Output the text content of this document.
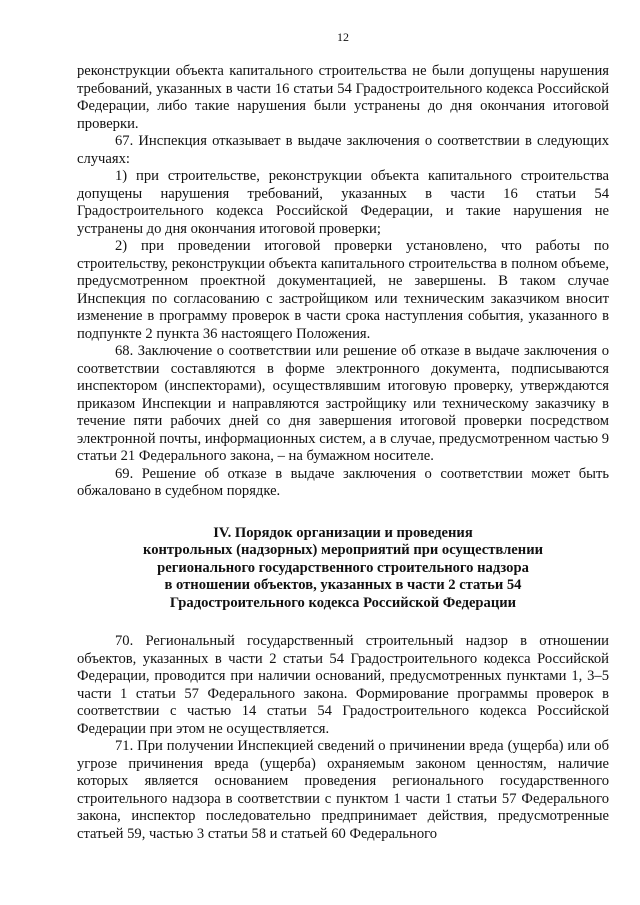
12

реконструкции объекта капитального строительства не были допущены нарушения требований, указанных в части 16 статьи 54 Градостроительного кодекса Российской Федерации, либо такие нарушения были устранены до дня окончания итоговой проверки.

67. Инспекция отказывает в выдаче заключения о соответствии в следующих случаях:

1) при строительстве, реконструкции объекта капитального строительства допущены нарушения требований, указанных в части 16 статьи 54 Градостроительного кодекса Российской Федерации, и такие нарушения не устранены до дня окончания итоговой проверки;

2) при проведении итоговой проверки установлено, что работы по строительству, реконструкции объекта капитального строительства в полном объеме, предусмотренном проектной документацией, не завершены. В таком случае Инспекция по согласованию с застройщиком или техническим заказчиком вносит изменение в программу проверок в части срока наступления события, указанного в подпункте 2 пункта 36 настоящего Положения.

68. Заключение о соответствии или решение об отказе в выдаче заключения о соответствии составляются в форме электронного документа, подписываются инспектором (инспекторами), осуществлявшим итоговую проверку, утверждаются приказом Инспекции и направляются застройщику или техническому заказчику в течение пяти рабочих дней со дня завершения итоговой проверки посредством электронной почты, информационных систем, а в случае, предусмотренном частью 9 статьи 21 Федерального закона, – на бумажном носителе.

69. Решение об отказе в выдаче заключения о соответствии может быть обжаловано в судебном порядке.

IV. Порядок организации и проведения
контрольных (надзорных) мероприятий при осуществлении
регионального государственного строительного надзора
в отношении объектов, указанных в части 2 статьи 54
Градостроительного кодекса Российской Федерации

70. Региональный государственный строительный надзор в отношении объектов, указанных в части 2 статьи 54 Градостроительного кодекса Российской Федерации, проводится при наличии оснований, предусмотренных пунктами 1, 3–5 части 1 статьи 57 Федерального закона. Формирование программы проверок в соответствии с частью 14 статьи 54 Градостроительного кодекса Российской Федерации при этом не осуществляется.

71. При получении Инспекцией сведений о причинении вреда (ущерба) или об угрозе причинения вреда (ущерба) охраняемым законом ценностям, наличие которых является основанием проведения регионального государственного строительного надзора в соответствии с пунктом 1 части 1 статьи 57 Федерального закона, инспектор последовательно предпринимает действия, предусмотренные статьей 59, частью 3 статьи 58 и статьей 60 Федерального
